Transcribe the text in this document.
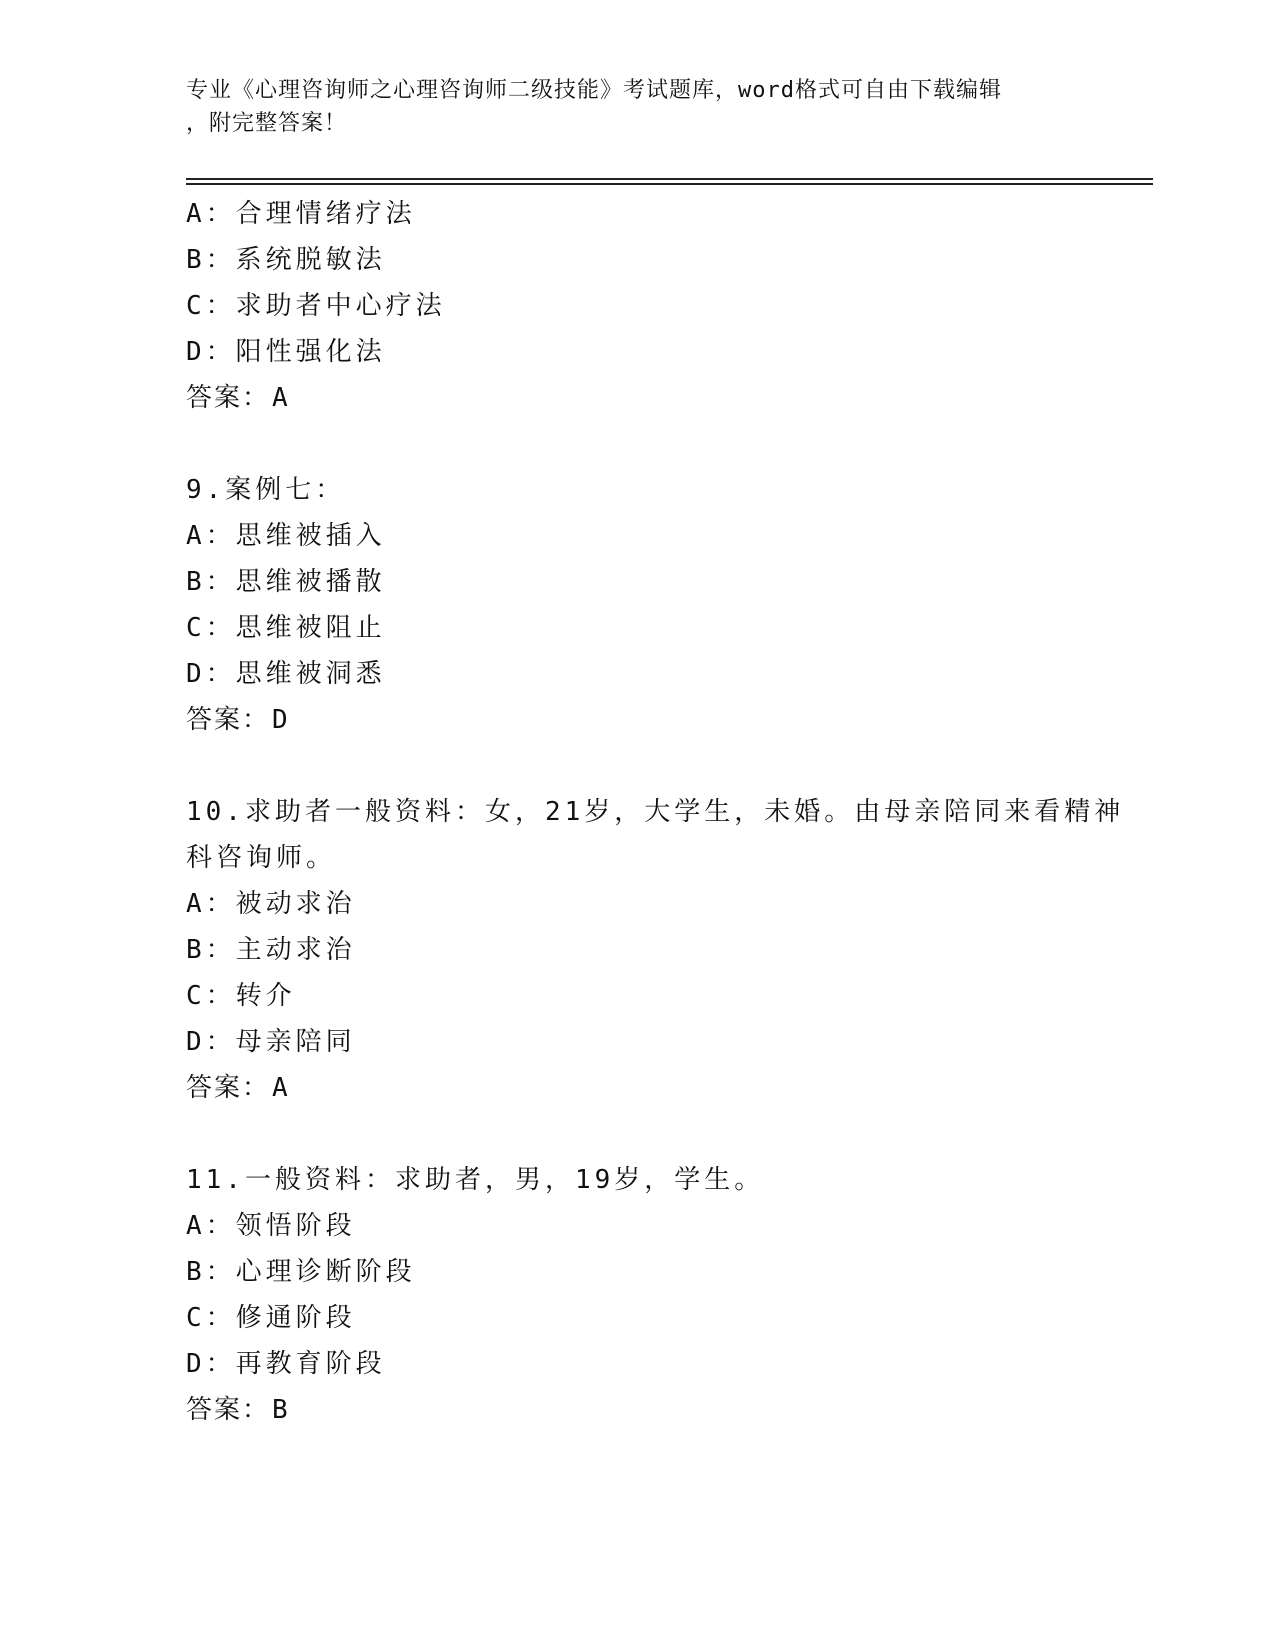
专业《心理咨询师之心理咨询师二级技能》考试题库，word格式可自由下载编辑
，附完整答案！
A：合理情绪疗法
B：系统脱敏法
C：求助者中心疗法
D：阳性强化法
答案：A
9.案例七：
A：思维被插入
B：思维被播散
C：思维被阻止
D：思维被洞悉
答案：D
10.求助者一般资料：女，21岁，大学生，未婚。由母亲陪同来看精神
科咨询师。
A：被动求治
B：主动求治
C：转介
D：母亲陪同
答案：A
11.一般资料：求助者，男，19岁，学生。
A：领悟阶段
B：心理诊断阶段
C：修通阶段
D：再教育阶段
答案：B
